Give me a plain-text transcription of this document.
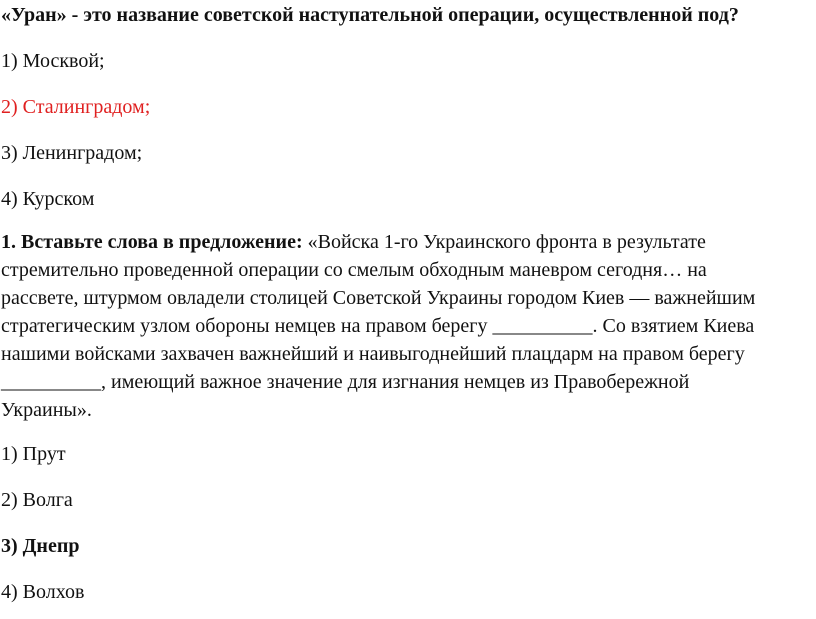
«Уран» - это название советской наступательной операции, осуществленной под?
1) Москвой;
2) Сталинградом;
3) Ленинградом;
4) Курском
1. Вставьте слова в предложение: «Войска 1-го Украинского фронта в результате
стремительно проведенной операции со смелым обходным маневром сегодня… на
рассвете, штурмом овладели столицей Советской Украины городом Киев — важнейшим
стратегическим узлом обороны немцев на правом берегу __________. Со взятием Киева
нашими войсками захвачен важнейший и наивыгоднейший плацдарм на правом берегу
__________, имеющий важное значение для изгнания немцев из Правобережной
Украины».
1) Прут
2) Волга
3) Днепр
4) Волхов
